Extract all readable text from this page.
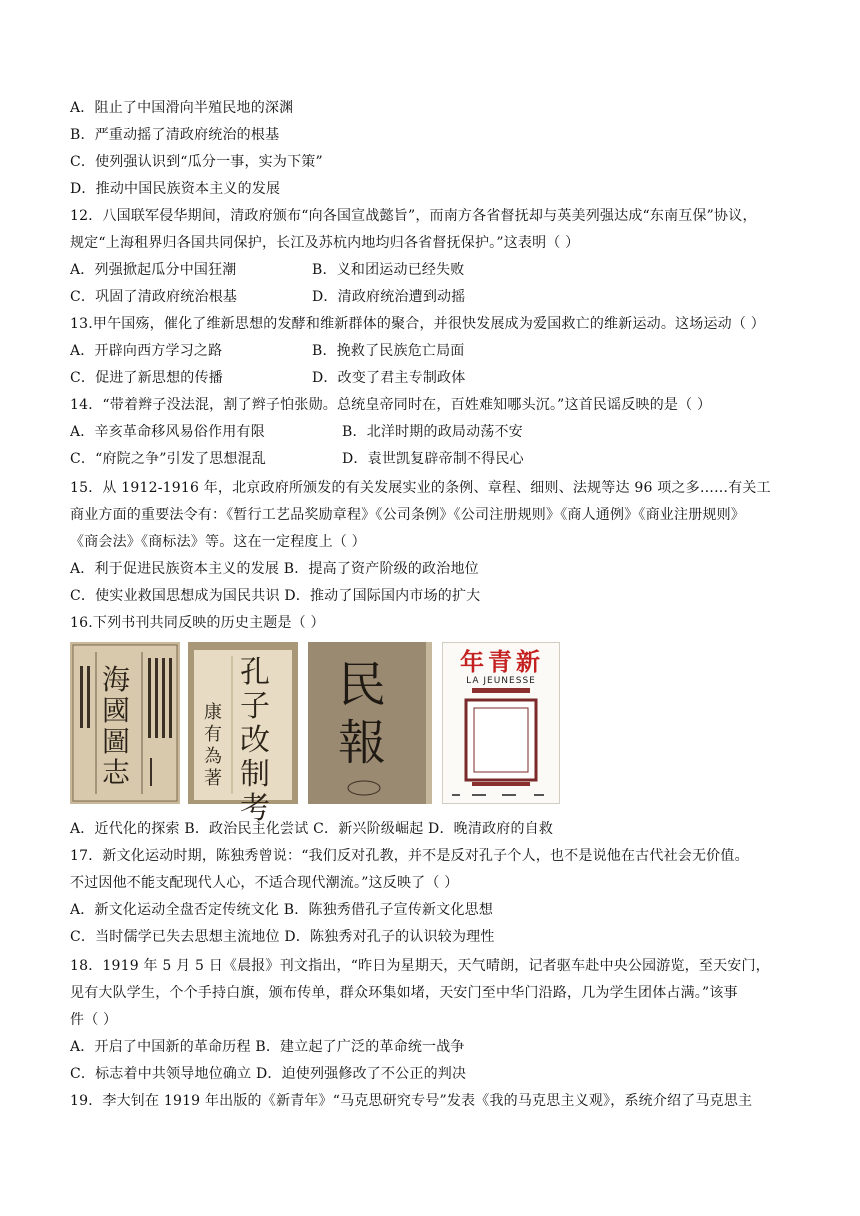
A．阻止了中国滑向半殖民地的深渊
B．严重动摇了清政府统治的根基
C．使列强认识到“瓜分一事，实为下策”
D．推动中国民族资本主义的发展
12．八国联军侵华期间，清政府颁布“向各国宣战懿旨”，而南方各省督抚却与英美列强达成“东南互保”协议，
规定“上海租界归各国共同保护，长江及苏杭内地均归各省督抚保护。”这表明（ ）
A．列强掀起瓜分中国狂潮	B．义和团运动已经失败
C．巩固了清政府统治根基	D．清政府统治遭到动摇
13.甲午国殇，催化了维新思想的发酵和维新群体的聚合，并很快发展成为爱国救亡的维新运动。这场运动（ ）
A．开辟向西方学习之路	B．挽救了民族危亡局面
C．促进了新思想的传播	D．改变了君主专制政体
14．“带着辫子没法混，割了辫子怕张勋。总统皇帝同时在，百姓难知哪头沉。”这首民谣反映的是（ ）
A．辛亥革命移风易俗作用有限	B．北洋时期的政局动荡不安
C．“府院之争”引发了思想混乱	D．袁世凯复辟帝制不得民心
15．从 1912-1916 年，北京政府所颁发的有关发展实业的条例、章程、细则、法规等达 96 项之多……有关工
商业方面的重要法令有：《暂行工艺品奖励章程》《公司条例》《公司注册规则》《商人通例》《商业注册规则》
《商会法》《商标法》等。这在一定程度上（ ）
A．利于促进民族资本主义的发展 B．提高了资产阶级的政治地位
C．使实业救国思想成为国民共识 D．推动了国际国内市场的扩大
16.下列书刊共同反映的历史主题是（ ）
海國圖志
孔子改制考
康有為著
民報
新青年
LA JEUNESSE
A．近代化的探索 B．政治民主化尝试 C．新兴阶级崛起 D．晚清政府的自救
17．新文化运动时期，陈独秀曾说：“我们反对孔教，并不是反对孔子个人，也不是说他在古代社会无价值。
不过因他不能支配现代人心，不适合现代潮流。”这反映了（ ）
A．新文化运动全盘否定传统文化 B．陈独秀借孔子宣传新文化思想
C．当时儒学已失去思想主流地位 D．陈独秀对孔子的认识较为理性
18．1919 年 5 月 5 日《晨报》刊文指出，“昨日为星期天，天气晴朗，记者驱车赴中央公园游览，至天安门，
见有大队学生，个个手持白旗，颁布传单，群众环集如堵，天安门至中华门沿路，几为学生团体占满。”该事
件（ ）
A．开启了中国新的革命历程 B．建立起了广泛的革命统一战争
C．标志着中共领导地位确立 D．迫使列强修改了不公正的判决
19．李大钊在 1919 年出版的《新青年》“马克思研究专号”发表《我的马克思主义观》，系统介绍了马克思主
